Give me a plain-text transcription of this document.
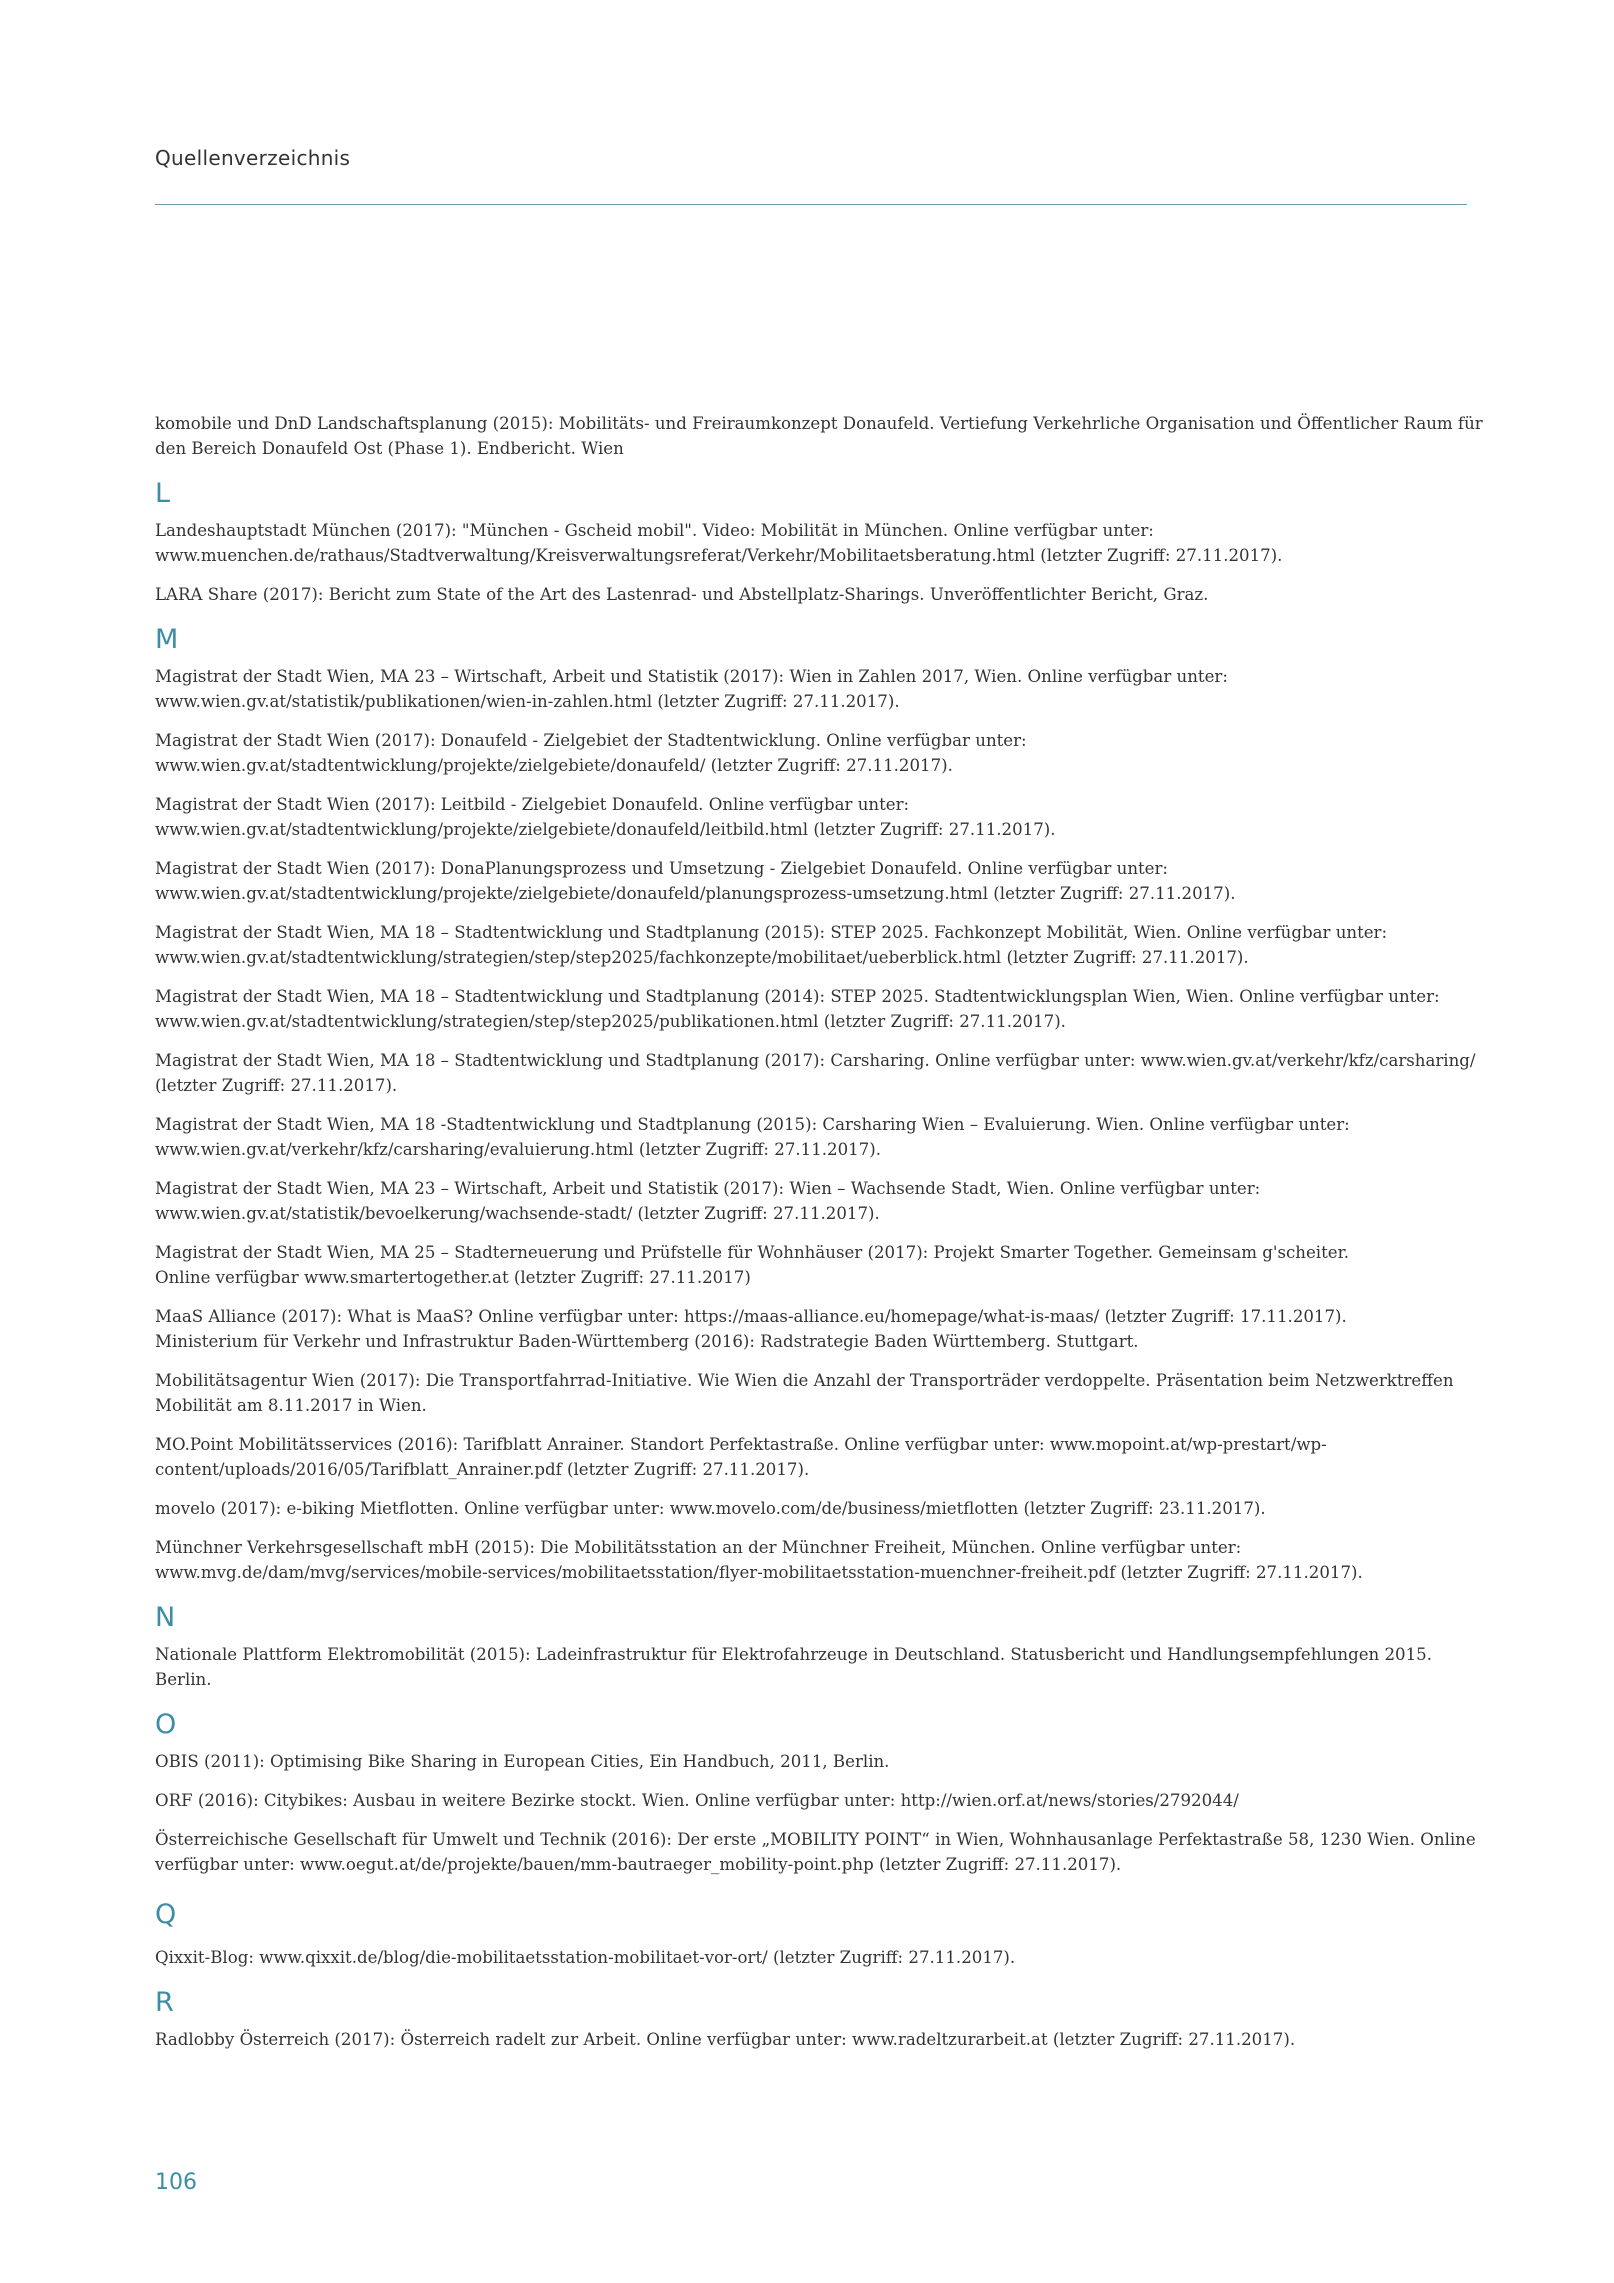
Quellenverzeichnis

komobile und DnD Landschaftsplanung (2015): Mobilitäts- und Freiraumkonzept Donaufeld. Vertiefung Verkehrliche Organisation und Öffentlicher Raum für den Bereich Donaufeld Ost (Phase 1). Endbericht. Wien

L

Landeshauptstadt München (2017): "München - Gscheid mobil". Video: Mobilität in München. Online verfügbar unter: www.muenchen.de/rathaus/Stadtverwaltung/Kreisverwaltungsreferat/Verkehr/Mobilitaetsberatung.html (letzter Zugriff: 27.11.2017).

LARA Share (2017): Bericht zum State of the Art des Lastenrad- und Abstellplatz-Sharings. Unveröffentlichter Bericht, Graz.

M

Magistrat der Stadt Wien, MA 23 – Wirtschaft, Arbeit und Statistik (2017): Wien in Zahlen 2017, Wien. Online verfügbar unter: www.wien.gv.at/statistik/publikationen/wien-in-zahlen.html (letzter Zugriff: 27.11.2017).

Magistrat der Stadt Wien (2017): Donaufeld - Zielgebiet der Stadtentwicklung. Online verfügbar unter: www.wien.gv.at/stadtentwicklung/projekte/zielgebiete/donaufeld/ (letzter Zugriff: 27.11.2017).

Magistrat der Stadt Wien (2017): Leitbild - Zielgebiet Donaufeld. Online verfügbar unter: www.wien.gv.at/stadtentwicklung/projekte/zielgebiete/donaufeld/leitbild.html (letzter Zugriff: 27.11.2017).

Magistrat der Stadt Wien (2017): DonaPlanungsprozess und Umsetzung - Zielgebiet Donaufeld. Online verfügbar unter: www.wien.gv.at/stadtentwicklung/projekte/zielgebiete/donaufeld/planungsprozess-umsetzung.html (letzter Zugriff: 27.11.2017).

Magistrat der Stadt Wien, MA 18 – Stadtentwicklung und Stadtplanung (2015): STEP 2025. Fachkonzept Mobilität, Wien. Online verfügbar unter: www.wien.gv.at/stadtentwicklung/strategien/step/step2025/fachkonzepte/mobilitaet/ueberblick.html (letzter Zugriff: 27.11.2017).

Magistrat der Stadt Wien, MA 18 – Stadtentwicklung und Stadtplanung (2014): STEP 2025. Stadtentwicklungsplan Wien, Wien. Online verfügbar unter: www.wien.gv.at/stadtentwicklung/strategien/step/step2025/publikationen.html (letzter Zugriff: 27.11.2017).

Magistrat der Stadt Wien, MA 18 – Stadtentwicklung und Stadtplanung (2017): Carsharing. Online verfügbar unter: www.wien.gv.at/verkehr/kfz/carsharing/ (letzter Zugriff: 27.11.2017).

Magistrat der Stadt Wien, MA 18 -Stadtentwicklung und Stadtplanung (2015): Carsharing Wien – Evaluierung. Wien. Online verfügbar unter: www.wien.gv.at/verkehr/kfz/carsharing/evaluierung.html (letzter Zugriff: 27.11.2017).

Magistrat der Stadt Wien, MA 23 – Wirtschaft, Arbeit und Statistik (2017): Wien – Wachsende Stadt, Wien. Online verfügbar unter: www.wien.gv.at/statistik/bevoelkerung/wachsende-stadt/ (letzter Zugriff: 27.11.2017).

Magistrat der Stadt Wien, MA 25 – Stadterneuerung und Prüfstelle für Wohnhäuser (2017): Projekt Smarter Together. Gemeinsam g'scheiter.
Online verfügbar www.smartertogether.at (letzter Zugriff: 27.11.2017)

MaaS Alliance (2017): What is MaaS? Online verfügbar unter: https://maas-alliance.eu/homepage/what-is-maas/ (letzter Zugriff: 17.11.2017).
Ministerium für Verkehr und Infrastruktur Baden-Württemberg (2016): Radstrategie Baden Württemberg. Stuttgart.

Mobilitätsagentur Wien (2017): Die Transportfahrrad-Initiative. Wie Wien die Anzahl der Transporträder verdoppelte. Präsentation beim Netzwerktreffen Mobilität am 8.11.2017 in Wien.

MO.Point Mobilitätsservices (2016): Tarifblatt Anrainer. Standort Perfektastraße. Online verfügbar unter: www.mopoint.at/wp-prestart/wp-content/uploads/2016/05/Tarifblatt_Anrainer.pdf (letzter Zugriff: 27.11.2017).

movelo (2017): e-biking Mietflotten. Online verfügbar unter: www.movelo.com/de/business/mietflotten (letzter Zugriff: 23.11.2017).

Münchner Verkehrsgesellschaft mbH (2015): Die Mobilitätsstation an der Münchner Freiheit, München. Online verfügbar unter: www.mvg.de/dam/mvg/services/mobile-services/mobilitaetsstation/flyer-mobilitaetsstation-muenchner-freiheit.pdf (letzter Zugriff: 27.11.2017).

N

Nationale Plattform Elektromobilität (2015): Ladeinfrastruktur für Elektrofahrzeuge in Deutschland. Statusbericht und Handlungsempfehlungen 2015. Berlin.

O

OBIS (2011): Optimising Bike Sharing in European Cities, Ein Handbuch, 2011, Berlin.

ORF (2016): Citybikes: Ausbau in weitere Bezirke stockt. Wien. Online verfügbar unter: http://wien.orf.at/news/stories/2792044/

Österreichische Gesellschaft für Umwelt und Technik (2016): Der erste „MOBILITY POINT“ in Wien, Wohnhausanlage Perfektastraße 58, 1230 Wien. Online verfügbar unter: www.oegut.at/de/projekte/bauen/mm-bautraeger_mobility-point.php (letzter Zugriff: 27.11.2017).

Q

Qixxit-Blog: www.qixxit.de/blog/die-mobilitaetsstation-mobilitaet-vor-ort/ (letzter Zugriff: 27.11.2017).

R

Radlobby Österreich (2017): Österreich radelt zur Arbeit. Online verfügbar unter: www.radeltzurarbeit.at (letzter Zugriff: 27.11.2017).

106
